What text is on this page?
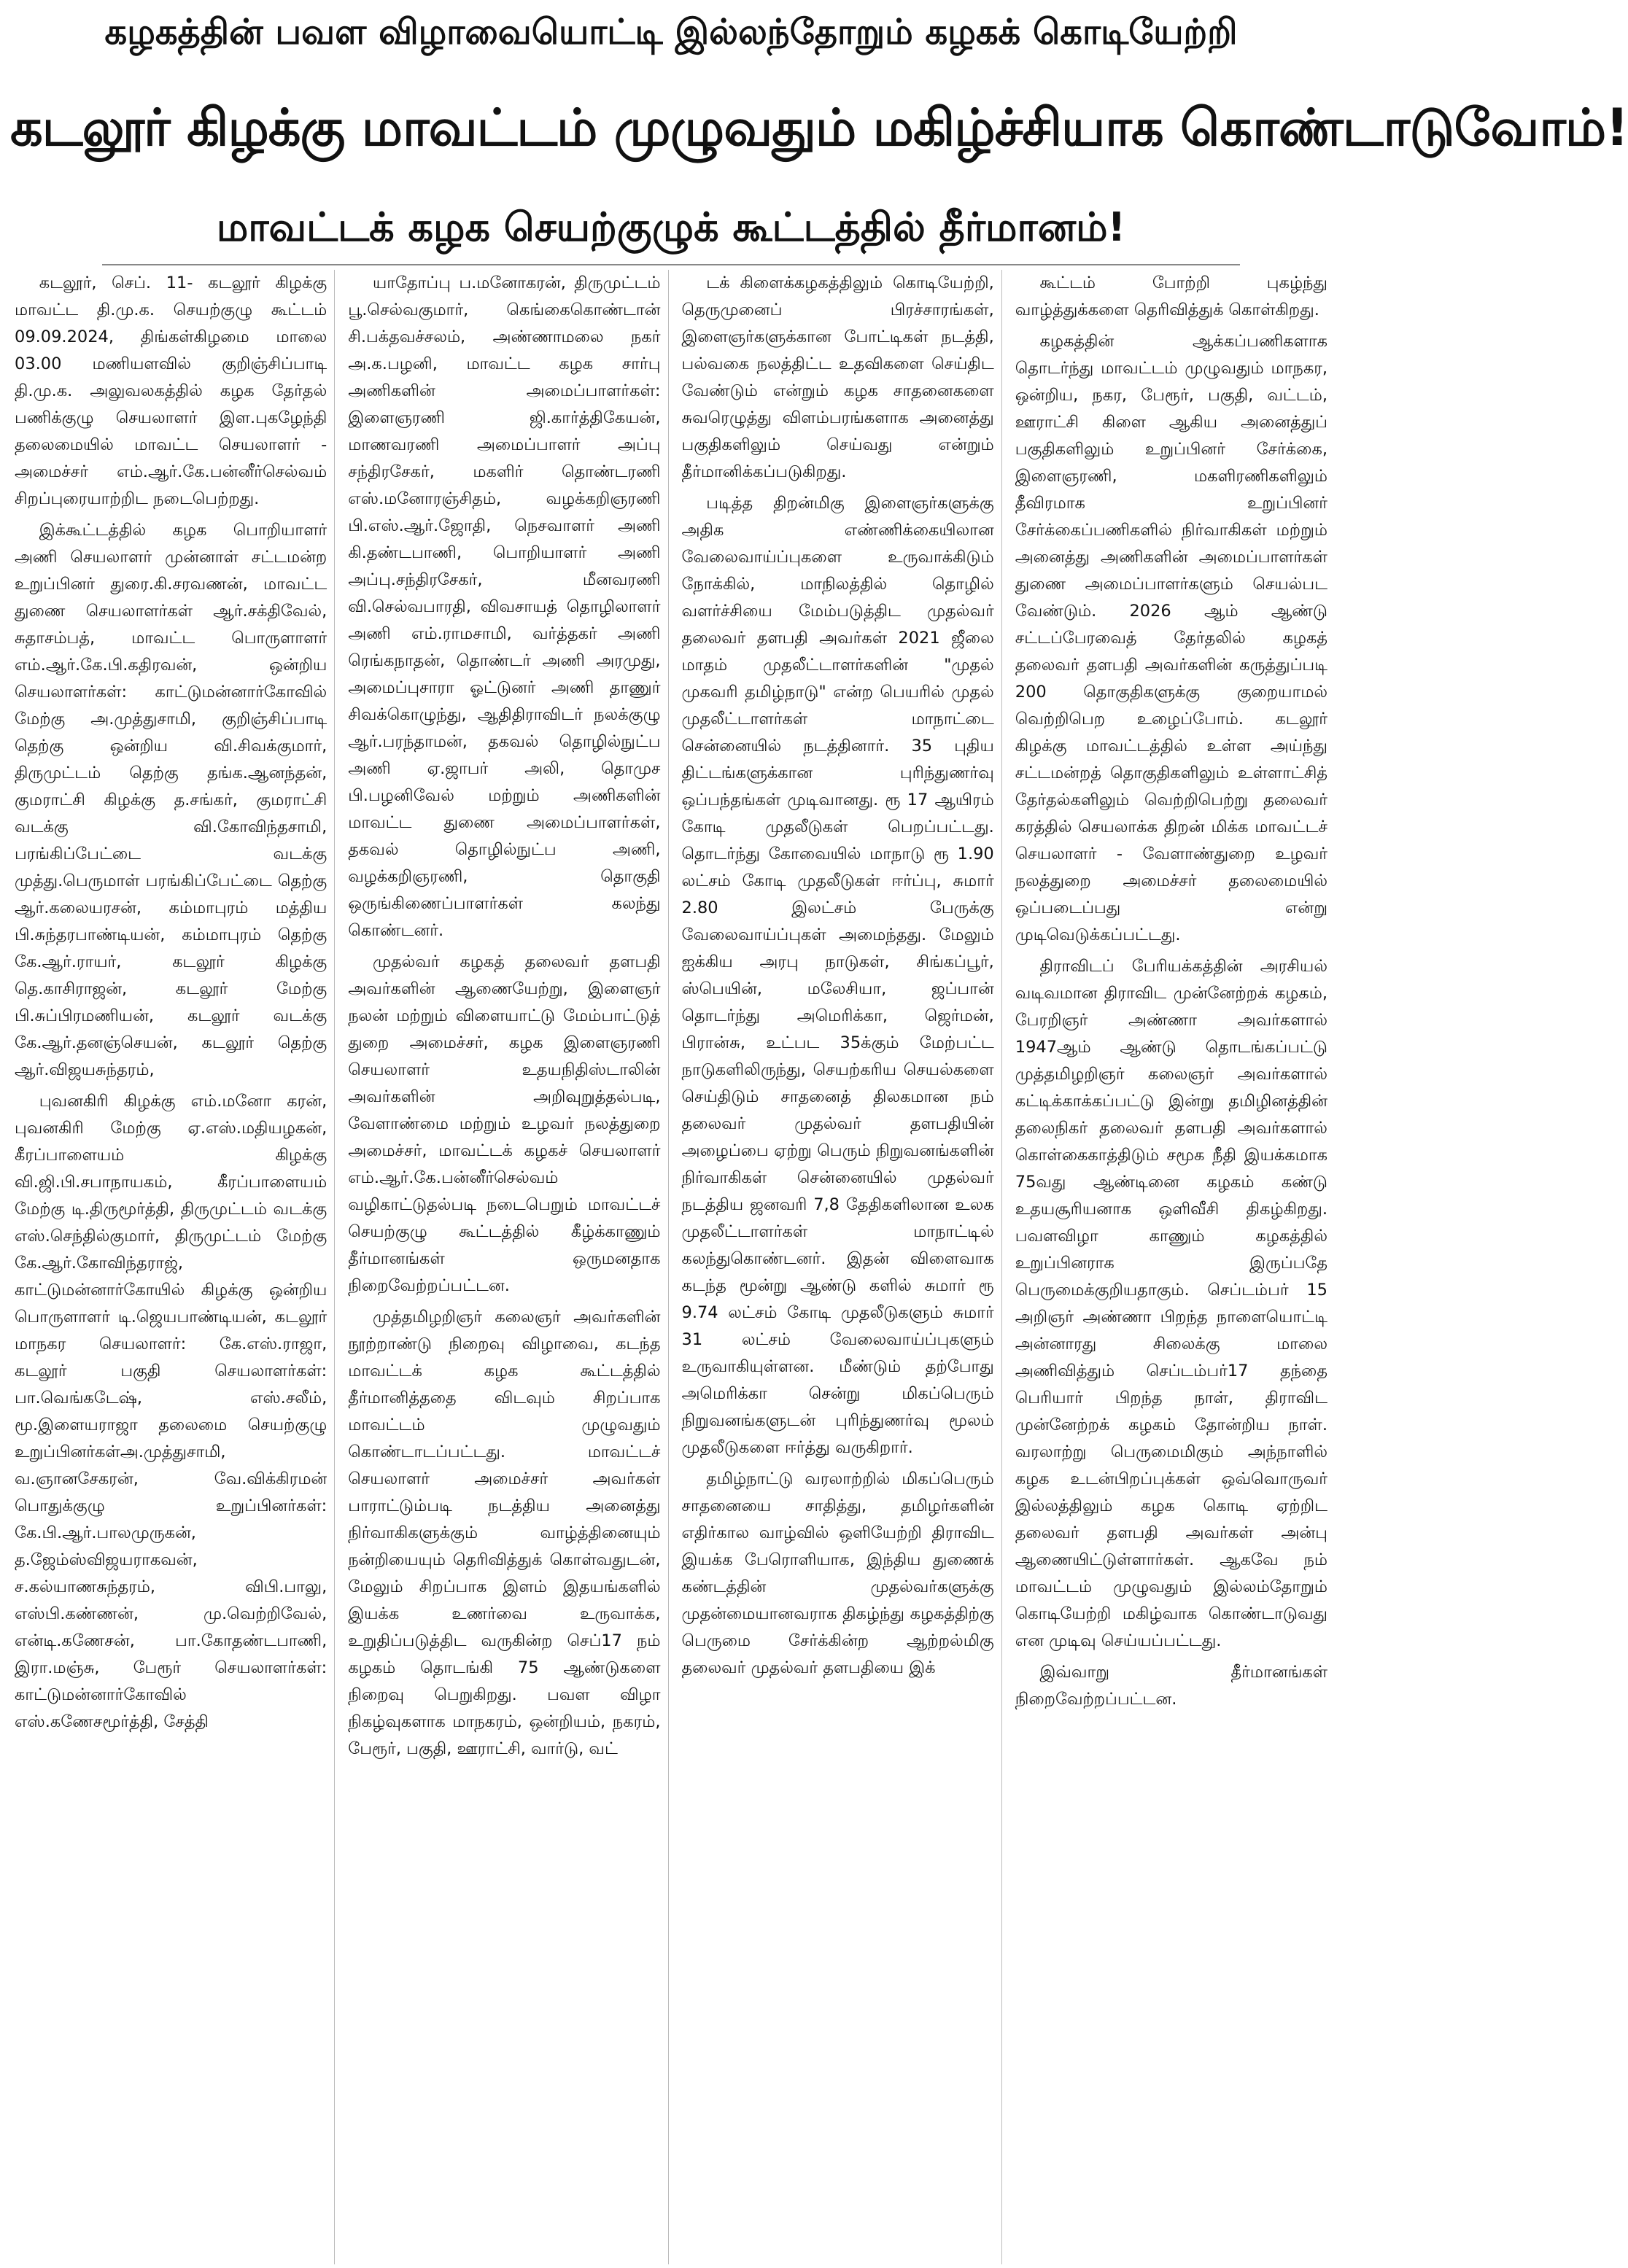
கழகத்தின் பவள விழாவையொட்டி இல்லந்தோறும் கழகக் கொடியேற்றி
கடலூர் கிழக்கு மாவட்டம் முழுவதும் மகிழ்ச்சியாக கொண்டாடுவோம்!
மாவட்டக் கழக செயற்குழுக் கூட்டத்தில் தீர்மானம்!

கடலூர், செப். 11- கடலூர் கிழக்கு மாவட்ட தி.மு.க. செயற்குழு கூட்டம் 09.09.2024, திங்கள்கிழமை மாலை 03.00 மணியளவில் குறிஞ்சிப்பாடி தி.மு.க. அலுவலகத்தில் கழக தேர்தல் பணிக்குழு செயலாளர் இள.புகழேந்தி தலைமையில் மாவட்ட செயலாளர் - அமைச்சர் எம்.ஆர்.கே.பன்னீர்செல்வம் சிறப்புரையாற்றிட நடைபெற்றது.

இக்கூட்டத்தில் கழக பொறியாளர் அணி செயலாளர் முன்னாள் சட்டமன்ற உறுப்பினர் துரை.கி.சரவணன், மாவட்ட துணை செயலாளர்கள் ஆர்.சக்திவேல், சுதாசம்பத், மாவட்ட பொருளாளர் எம்.ஆர்.கே.பி.கதிரவன், ஒன்றிய செயலாளர்கள்: காட்டுமன்னார்கோவில் மேற்கு அ.முத்துசாமி, குறிஞ்சிப்பாடி தெற்கு ஒன்றிய வி.சிவக்குமார், திருமுட்டம் தெற்கு தங்க.ஆனந்தன், குமராட்சி கிழக்கு த.சங்கர், குமராட்சி வடக்கு வி.கோவிந்தசாமி, பரங்கிப்பேட்டை வடக்கு முத்து.பெருமாள் பரங்கிப்பேட்டை தெற்கு ஆர்.கலையரசன், கம்மாபுரம் மத்திய பி.சுந்தரபாண்டியன், கம்மாபுரம் தெற்கு கே.ஆர்.ராயர், கடலூர் கிழக்கு தெ.காசிராஜன், கடலூர் மேற்கு பி.சுப்பிரமணியன், கடலூர் வடக்கு கே.ஆர்.தனஞ்செயன், கடலூர் தெற்கு ஆர்.விஜயசுந்தரம்,

புவனகிரி கிழக்கு எம்.மனோ கரன், புவனகிரி மேற்கு ஏ.எஸ்.மதியழகன், கீரப்பாளையம் கிழக்கு வி.ஜி.பி.சபாநாயகம், கீரப்பாளையம் மேற்கு டி.திருமூர்த்தி, திருமுட்டம் வடக்கு எஸ்.செந்தில்குமார், திருமுட்டம் மேற்கு கே.ஆர்.கோவிந்தராஜ், காட்டுமன்னார்கோயில் கிழக்கு ஒன்றிய பொருளாளர் டி.ஜெயபாண்டியன், கடலூர் மாநகர செயலாளர்: கே.எஸ்.ராஜா, கடலூர் பகுதி செயலாளர்கள்: பா.வெங்கடேஷ், எஸ்.சலீம், மூ.இளையராஜா தலைமை செயற்குழு உறுப்பினர்கள்அ.முத்துசாமி, வ.ஞானசேகரன், வே.விக்கிரமன் பொதுக்குழு உறுப்பினர்கள்: கே.பி.ஆர்.பாலமுருகன், த.ஜேம்ஸ்விஜயராகவன், ச.கல்யாணசுந்தரம், விபி.பாலு, எஸ்பி.கண்ணன், மு.வெற்றிவேல், என்டி.கணேசன், பா.கோதண்டபாணி, இரா.மஞ்சு, பேரூர் செயலாளர்கள்: காட்டுமன்னார்கோவில் எஸ்.கணேசமூர்த்தி, சேத்தி

யாதோப்பு ப.மனோகரன், திருமுட்டம் பூ.செல்வகுமார், கெங்கைகொண்டான் சி.பக்தவச்சலம், அண்ணாமலை நகர் அ.க.பழனி, மாவட்ட கழக சார்பு அணிகளின் அமைப்பாளர்கள்: இளைஞரணி ஜி.கார்த்திகேயன், மாணவரணி அமைப்பாளர் அப்பு சந்திரசேகர், மகளிர் தொண்டரணி எஸ்.மனோரஞ்சிதம், வழக்கறிஞரணி பி.எஸ்.ஆர்.ஜோதி, நெசவாளர் அணி கி.தண்டபாணி, பொறியாளர் அணி அப்பு.சந்திரசேகர், மீனவரணி வி.செல்வபாரதி, விவசாயத் தொழிலாளர் அணி எம்.ராமசாமி, வர்த்தகர் அணி ரெங்கநாதன், தொண்டர் அணி அரமுது, அமைப்புசாரா ஓட்டுனர் அணி தாணுர் சிவக்கொழுந்து, ஆதிதிராவிடர் நலக்குழு ஆர்.பரந்தாமன், தகவல் தொழில்நுட்ப அணி ஏ.ஜாபர் அலி, தொமுச பி.பழனிவேல் மற்றும் அணிகளின் மாவட்ட துணை அமைப்பாளர்கள், தகவல் தொழில்நுட்ப அணி, வழக்கறிஞரணி, தொகுதி ஒருங்கிணைப்பாளர்கள் கலந்து கொண்டனர்.

முதல்வர் கழகத் தலைவர் தளபதி அவர்களின் ஆணையேற்று, இளைஞர் நலன் மற்றும் விளையாட்டு மேம்பாட்டுத் துறை அமைச்சர், கழக இளைஞரணி செயலாளர் உதயநிதிஸ்டாலின் அவர்களின் அறிவுறுத்தல்படி, வேளாண்மை மற்றும் உழவர் நலத்துறை அமைச்சர், மாவட்டக் கழகச் செயலாளர் எம்.ஆர்.கே.பன்னீர்செல்வம் வழிகாட்டுதல்படி நடைபெறும் மாவட்டச் செயற்குழு கூட்டத்தில் கீழ்க்காணும் தீர்மானங்கள் ஒருமனதாக நிறைவேற்றப்பட்டன.

முத்தமிழறிஞர் கலைஞர் அவர்களின் நூற்றாண்டு நிறைவு விழாவை, கடந்த மாவட்டக் கழக கூட்டத்தில் தீர்மானித்ததை விடவும் சிறப்பாக மாவட்டம் முழுவதும் கொண்டாடப்பட்டது. மாவட்டச் செயலாளர் அமைச்சர் அவர்கள் பாராட்டும்படி நடத்திய அனைத்து நிர்வாகிகளுக்கும் வாழ்த்தினையும் நன்றியையும் தெரிவித்துக் கொள்வதுடன், மேலும் சிறப்பாக இளம் இதயங்களில் இயக்க உணர்வை உருவாக்க, உறுதிப்படுத்திட வருகின்ற செப்17 நம் கழகம் தொடங்கி 75 ஆண்டுகளை நிறைவு பெறுகிறது. பவள விழா நிகழ்வுகளாக மாநகரம், ஒன்றியம், நகரம், பேரூர், பகுதி, ஊராட்சி, வார்டு, வட்

டக் கிளைக்கழகத்திலும் கொடியேற்றி, தெருமுனைப் பிரச்சாரங்கள், இளைஞர்களுக்கான போட்டிகள் நடத்தி, பல்வகை நலத்திட்ட உதவிகளை செய்திட வேண்டும் என்றும் கழக சாதனைகளை சுவரெழுத்து விளம்பரங்களாக அனைத்து பகுதிகளிலும் செய்வது என்றும் தீர்மானிக்கப்படுகிறது.

படித்த திறன்மிகு இளைஞர்களுக்கு அதிக எண்ணிக்கையிலான வேலைவாய்ப்புகளை உருவாக்கிடும் நோக்கில், மாநிலத்தில் தொழில் வளர்ச்சியை மேம்படுத்திட முதல்வர் தலைவர் தளபதி அவர்கள் 2021 ஜீலை மாதம் முதலீட்டாளர்களின் "முதல் முகவரி தமிழ்நாடு" என்ற பெயரில் முதல் முதலீட்டாளர்கள் மாநாட்டை சென்னையில் நடத்தினார். 35 புதிய திட்டங்களுக்கான புரிந்துணர்வு ஒப்பந்தங்கள் முடிவானது. ரூ 17 ஆயிரம் கோடி முதலீடுகள் பெறப்பட்டது. தொடர்ந்து கோவையில் மாநாடு ரூ 1.90 லட்சம் கோடி முதலீடுகள் ஈர்ப்பு, சுமார் 2.80 இலட்சம் பேருக்கு வேலைவாய்ப்புகள் அமைந்தது. மேலும் ஐக்கிய அரபு நாடுகள், சிங்கப்பூர், ஸ்பெயின், மலேசியா, ஜப்பான் தொடர்ந்து அமெரிக்கா, ஜெர்மன், பிரான்சு, உட்பட 35க்கும் மேற்பட்ட நாடுகளிலிருந்து, செயற்கரிய செயல்களை செய்திடும் சாதனைத் திலகமான நம் தலைவர் முதல்வர் தளபதியின் அழைப்பை ஏற்று பெரும் நிறுவனங்களின் நிர்வாகிகள் சென்னையில் முதல்வர் நடத்திய ஜனவரி 7,8 தேதிகளிலான உலக முதலீட்டாளர்கள் மாநாட்டில் கலந்துகொண்டனர். இதன் விளைவாக கடந்த மூன்று ஆண்டு களில் சுமார் ரூ 9.74 லட்சம் கோடி முதலீடுகளும் சுமார் 31 லட்சம் வேலைவாய்ப்புகளும் உருவாகியுள்ளன. மீண்டும் தற்போது அமெரிக்கா சென்று மிகப்பெரும் நிறுவனங்களுடன் புரிந்துணர்வு மூலம் முதலீடுகளை ஈர்த்து வருகிறார்.

தமிழ்நாட்டு வரலாற்றில் மிகப்பெரும் சாதனையை சாதித்து, தமிழர்களின் எதிர்கால வாழ்வில் ஒளியேற்றி திராவிட இயக்க பேரொளியாக, இந்திய துணைக் கண்டத்தின் முதல்வர்களுக்கு முதன்மையானவராக திகழ்ந்து கழகத்திற்கு பெருமை சேர்க்கின்ற ஆற்றல்மிகு தலைவர் முதல்வர் தளபதியை இக்

கூட்டம் போற்றி புகழ்ந்து வாழ்த்துக்களை தெரிவித்துக் கொள்கிறது.

கழகத்தின் ஆக்கப்பணிகளாக தொடர்ந்து மாவட்டம் முழுவதும் மாநகர, ஒன்றிய, நகர, பேரூர், பகுதி, வட்டம், ஊராட்சி கிளை ஆகிய அனைத்துப் பகுதிகளிலும் உறுப்பினர் சேர்க்கை, இளைஞரணி, மகளிரணிகளிலும் தீவிரமாக உறுப்பினர் சேர்க்கைப்பணிகளில் நிர்வாகிகள் மற்றும் அனைத்து அணிகளின் அமைப்பாளர்கள் துணை அமைப்பாளர்களும் செயல்பட வேண்டும். 2026 ஆம் ஆண்டு சட்டப்பேரவைத் தேர்தலில் கழகத் தலைவர் தளபதி அவர்களின் கருத்துப்படி 200 தொகுதிகளுக்கு குறையாமல் வெற்றிபெற உழைப்போம். கடலூர் கிழக்கு மாவட்டத்தில் உள்ள அய்ந்து சட்டமன்றத் தொகுதிகளிலும் உள்ளாட்சித் தேர்தல்களிலும் வெற்றிபெற்று தலைவர் கரத்தில் செயலாக்க திறன் மிக்க மாவட்டச் செயலாளர் - வேளாண்துறை உழவர் நலத்துறை அமைச்சர் தலைமையில் ஒப்படைப்பது என்று முடிவெடுக்கப்பட்டது.

திராவிடப் பேரியக்கத்தின் அரசியல் வடிவமான திராவிட முன்னேற்றக் கழகம், பேரறிஞர் அண்ணா அவர்களால் 1947ஆம் ஆண்டு தொடங்கப்பட்டு முத்தமிழறிஞர் கலைஞர் அவர்களால் கட்டிக்காக்கப்பட்டு இன்று தமிழினத்தின் தலைநிகர் தலைவர் தளபதி அவர்களால் கொள்கைகாத்திடும் சமூக நீதி இயக்கமாக 75வது ஆண்டினை கழகம் கண்டு உதயசூரியனாக ஒளிவீசி திகழ்கிறது. பவளவிழா காணும் கழகத்தில் உறுப்பினராக இருப்பதே பெருமைக்குறியதாகும். செப்டம்பர் 15 அறிஞர் அண்ணா பிறந்த நாளையொட்டி அன்னாரது சிலைக்கு மாலை அணிவித்தும் செப்டம்பர்17 தந்தை பெரியார் பிறந்த நாள், திராவிட முன்னேற்றக் கழகம் தோன்றிய நாள். வரலாற்று பெருமைமிகும் அந்நாளில் கழக உடன்பிறப்புக்கள் ஒவ்வொருவர் இல்லத்திலும் கழக கொடி ஏற்றிட தலைவர் தளபதி அவர்கள் அன்பு ஆணையிட்டுள்ளார்கள். ஆகவே நம் மாவட்டம் முழுவதும் இல்லம்தோறும் கொடியேற்றி மகிழ்வாக கொண்டாடுவது என முடிவு செய்யப்பட்டது.

இவ்வாறு தீர்மானங்கள் நிறைவேற்றப்பட்டன.
